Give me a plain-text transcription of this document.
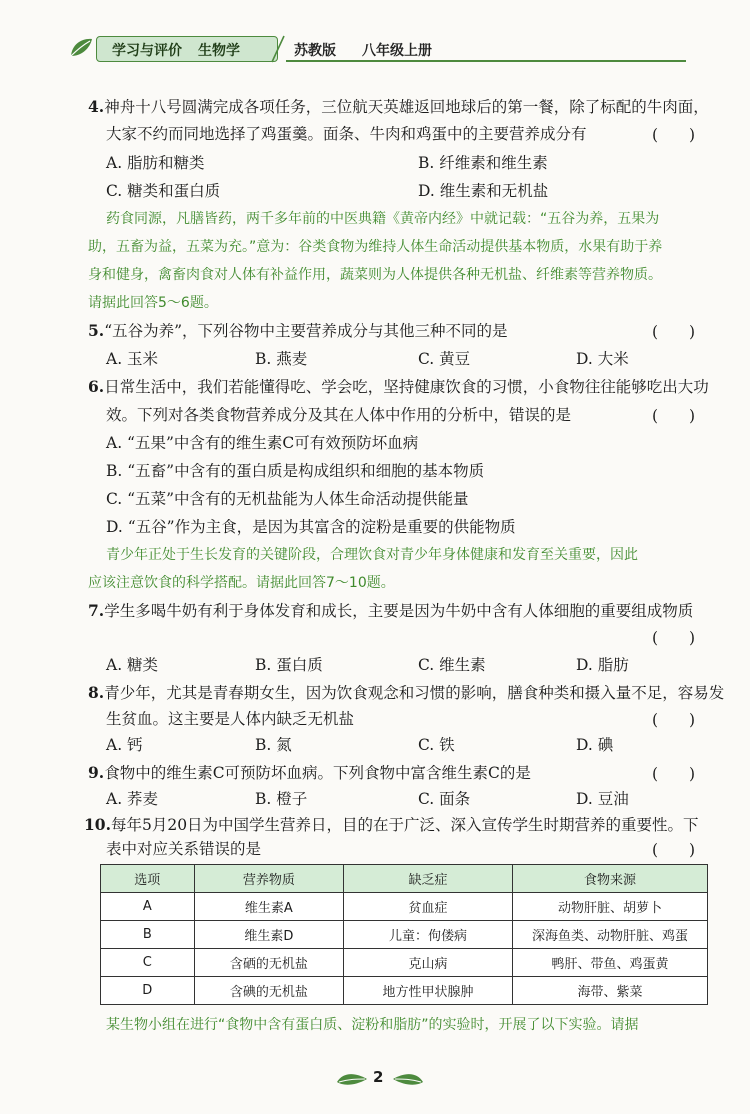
学习与评价 生物学	苏教版 八年级上册
4.神舟十八号圆满完成各项任务，三位航天英雄返回地球后的第一餐，除了标配的牛肉面，
大家不约而同地选择了鸡蛋羹。面条、牛肉和鸡蛋中的主要营养成分有	(　　)
A. 脂肪和糖类	B. 纤维素和维生素
C. 糖类和蛋白质	D. 维生素和无机盐
药食同源，凡膳皆药，两千多年前的中医典籍《黄帝内经》中就记载：“五谷为养，五果为
助，五畜为益，五菜为充。”意为：谷类食物为维持人体生命活动提供基本物质，水果有助于养
身和健身，禽畜肉食对人体有补益作用，蔬菜则为人体提供各种无机盐、纤维素等营养物质。
请据此回答5～6题。
5.“五谷为养”，下列谷物中主要营养成分与其他三种不同的是	(　　)
A. 玉米	B. 燕麦	C. 黄豆	D. 大米
6.日常生活中，我们若能懂得吃、学会吃，坚持健康饮食的习惯，小食物往往能够吃出大功
效。下列对各类食物营养成分及其在人体中作用的分析中，错误的是	(　　)
A. “五果”中含有的维生素C可有效预防坏血病
B. “五畜”中含有的蛋白质是构成组织和细胞的基本物质
C. “五菜”中含有的无机盐能为人体生命活动提供能量
D. “五谷”作为主食，是因为其富含的淀粉是重要的供能物质
青少年正处于生长发育的关键阶段，合理饮食对青少年身体健康和发育至关重要，因此
应该注意饮食的科学搭配。请据此回答7～10题。
7.学生多喝牛奶有利于身体发育和成长，主要是因为牛奶中含有人体细胞的重要组成物质
(　　)
A. 糖类	B. 蛋白质	C. 维生素	D. 脂肪
8.青少年，尤其是青春期女生，因为饮食观念和习惯的影响，膳食种类和摄入量不足，容易发
生贫血。这主要是人体内缺乏无机盐	(　　)
A. 钙	B. 氮	C. 铁	D. 碘
9.食物中的维生素C可预防坏血病。下列食物中富含维生素C的是	(　　)
A. 荞麦	B. 橙子	C. 面条	D. 豆油
10.每年5月20日为中国学生营养日，目的在于广泛、深入宣传学生时期营养的重要性。下
表中对应关系错误的是	(　　)
选项	营养物质	缺乏症	食物来源
A	维生素A	贫血症	动物肝脏、胡萝卜
B	维生素D	儿童：佝偻病	深海鱼类、动物肝脏、鸡蛋
C	含硒的无机盐	克山病	鸭肝、带鱼、鸡蛋黄
D	含碘的无机盐	地方性甲状腺肿	海带、紫菜
某生物小组在进行“食物中含有蛋白质、淀粉和脂肪”的实验时，开展了以下实验。请据
2
